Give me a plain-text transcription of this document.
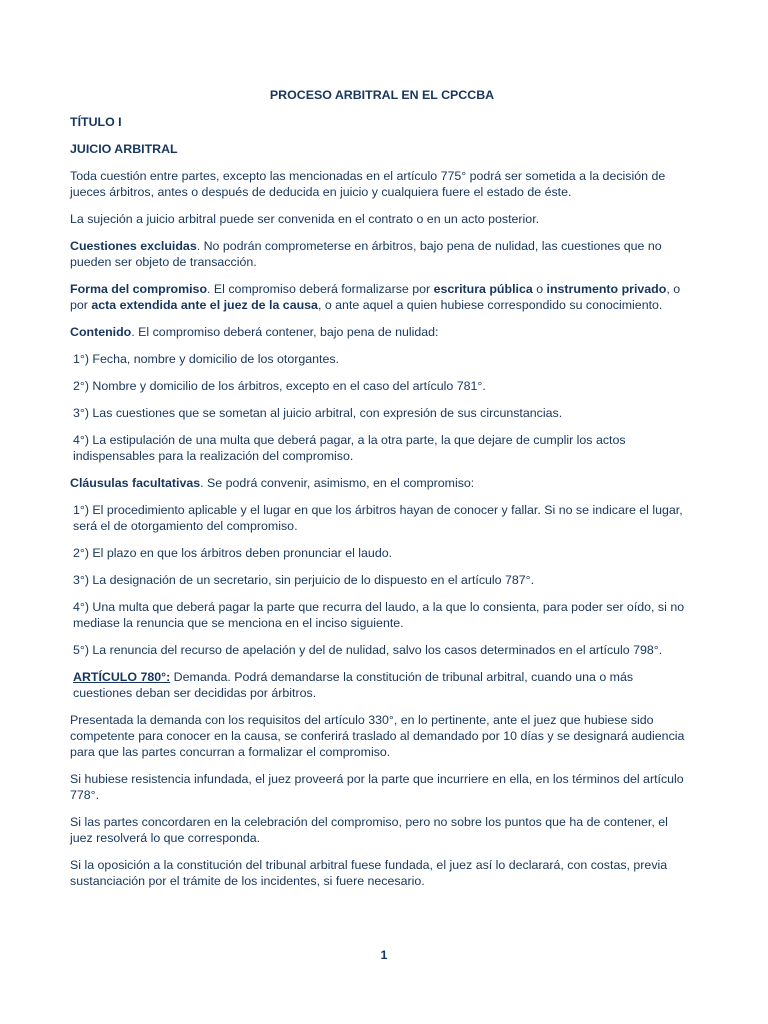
PROCESO ARBITRAL EN EL CPCCBA
TÍTULO I
JUICIO ARBITRAL

Toda cuestión entre partes, excepto las mencionadas en el artículo 775° podrá ser sometida a la decisión de jueces árbitros, antes o después de deducida en juicio y cualquiera fuere el estado de éste.

La sujeción a juicio arbitral puede ser convenida en el contrato o en un acto posterior.

Cuestiones excluidas. No podrán comprometerse en árbitros, bajo pena de nulidad, las cuestiones que no pueden ser objeto de transacción.

Forma del compromiso. El compromiso deberá formalizarse por escritura pública o instrumento privado, o por acta extendida ante el juez de la causa, o ante aquel a quien hubiese correspondido su conocimiento.

Contenido. El compromiso deberá contener, bajo pena de nulidad:

1°) Fecha, nombre y domicilio de los otorgantes.

2°) Nombre y domicilio de los árbitros, excepto en el caso del artículo 781°.

3°) Las cuestiones que se sometan al juicio arbitral, con expresión de sus circunstancias.

4°) La estipulación de una multa que deberá pagar, a la otra parte, la que dejare de cumplir los actos indispensables para la realización del compromiso.

Cláusulas facultativas. Se podrá convenir, asimismo, en el compromiso:

1°) El procedimiento aplicable y el lugar en que los árbitros hayan de conocer y fallar. Si no se indicare el lugar, será el de otorgamiento del compromiso.

2°) El plazo en que los árbitros deben pronunciar el laudo.

3°) La designación de un secretario, sin perjuicio de lo dispuesto en el artículo 787°.

4°) Una multa que deberá pagar la parte que recurra del laudo, a la que lo consienta, para poder ser oído, si no mediase la renuncia que se menciona en el inciso siguiente.

5°) La renuncia del recurso de apelación y del de nulidad, salvo los casos determinados en el artículo 798°.

ARTÍCULO 780°: Demanda. Podrá demandarse la constitución de tribunal arbitral, cuando una o más cuestiones deban ser decididas por árbitros.

Presentada la demanda con los requisitos del artículo 330°, en lo pertinente, ante el juez que hubiese sido competente para conocer en la causa, se conferirá traslado al demandado por 10 días y se designará audiencia para que las partes concurran a formalizar el compromiso.

Si hubiese resistencia infundada, el juez proveerá por la parte que incurriere en ella, en los términos del artículo 778°.

Si las partes concordaren en la celebración del compromiso, pero no sobre los puntos que ha de contener, el juez resolverá lo que corresponda.

Si la oposición a la constitución del tribunal arbitral fuese fundada, el juez así lo declarará, con costas, previa sustanciación por el trámite de los incidentes, si fuere necesario.

1
